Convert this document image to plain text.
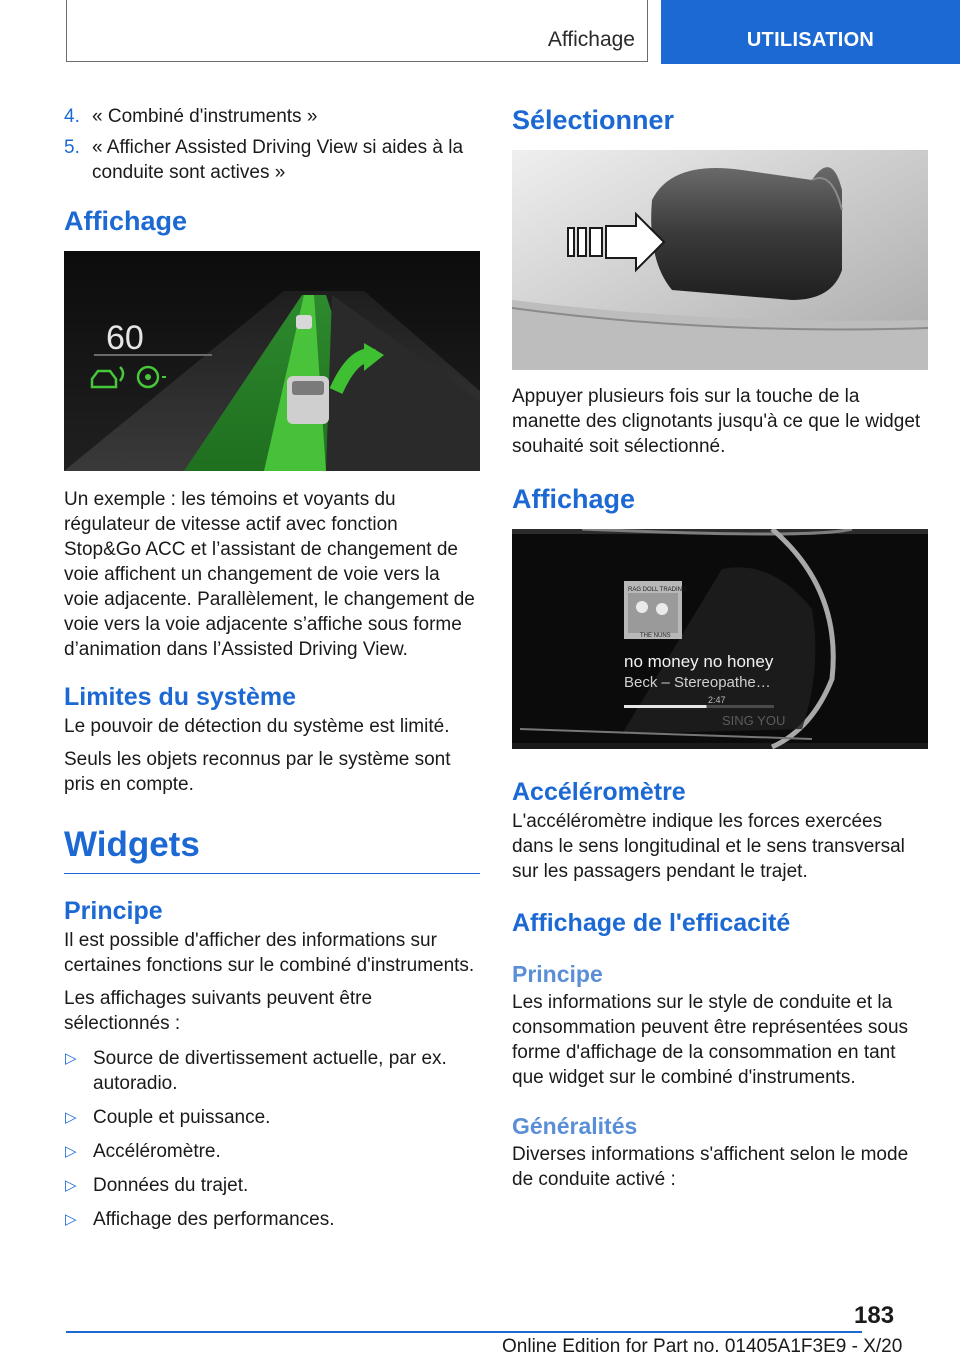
Affichage	UTILISATION
4. « Combiné d'instruments »
5. « Afficher Assisted Driving View si aides à la conduite sont actives »
Affichage
60

Un exemple : les témoins et voyants du régulateur de vitesse actif avec fonction Stop&Go ACC et l’assistant de changement de voie affichent un changement de voie vers la voie adjacente. Parallèlement, le changement de voie vers la voie adjacente s’affiche sous forme d’animation dans l’Assisted Driving View.

Limites du système

Le pouvoir de détection du système est limité.

Seuls les objets reconnus par le système sont pris en compte.

Widgets
Principe

Il est possible d'afficher des informations sur certaines fonctions sur le combiné d'instruments.

Les affichages suivants peuvent être sélectionnés :

▷ Source de divertissement actuelle, par ex. autoradio.
▷ Couple et puissance.
▷ Accéléromètre.
▷ Données du trajet.
▷ Affichage des performances.
Sélectionner

Appuyer plusieurs fois sur la touche de la manette des clignotants jusqu'à ce que le widget souhaité soit sélectionné.

Affichage
RAG DOLL TRADING
THE NUNS
no money no honey
Beck – Stereopathe…
2:47
SING YOU
Accéléromètre

L'accéléromètre indique les forces exercées dans le sens longitudinal et le sens transversal sur les passagers pendant le trajet.

Affichage de l'efficacité
Principe

Les informations sur le style de conduite et la consommation peuvent être représentées sous forme d'affichage de la consommation en tant que widget sur le combiné d'instruments.

Généralités

Diverses informations s'affichent selon le mode de conduite activé :

183
Online Edition for Part no. 01405A1F3E9 - X/20
